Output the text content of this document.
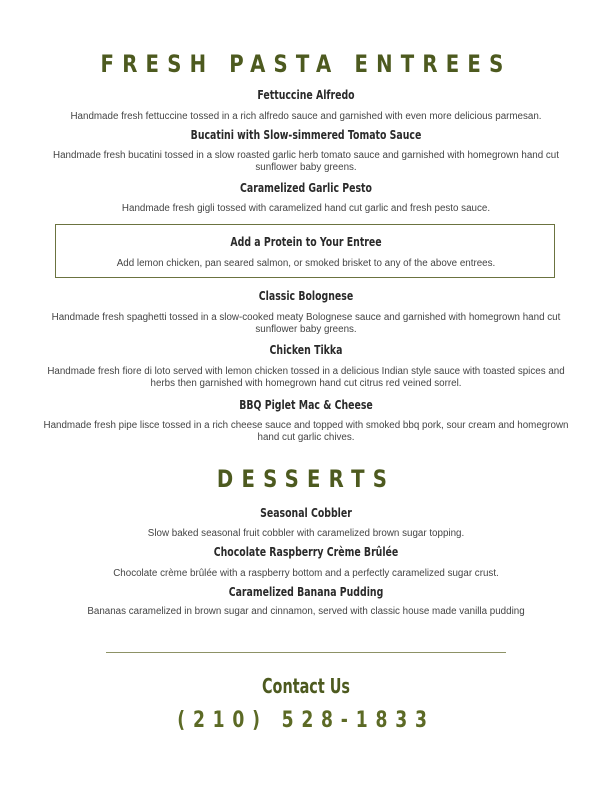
FRESH PASTA ENTREES
Fettuccine Alfredo
Handmade fresh fettuccine tossed in a rich alfredo sauce and garnished with even more delicious parmesan.
Bucatini with Slow-simmered Tomato Sauce
Handmade fresh bucatini tossed in a slow roasted garlic herb tomato sauce and garnished with homegrown hand cut sunflower baby greens.
Caramelized Garlic Pesto
Handmade fresh gigli tossed with caramelized hand cut garlic and fresh pesto sauce.
Add a Protein to Your Entree
Add lemon chicken, pan seared salmon, or smoked brisket to any of the above entrees.
Classic Bolognese
Handmade fresh spaghetti tossed in a slow-cooked meaty Bolognese sauce and garnished with homegrown hand cut sunflower baby greens.
Chicken Tikka
Handmade fresh fiore di loto served with lemon chicken tossed in a delicious Indian style sauce with toasted spices and herbs then garnished with homegrown hand cut citrus red veined sorrel.
BBQ Piglet Mac & Cheese
Handmade fresh pipe lisce tossed in a rich cheese sauce and topped with smoked bbq pork, sour cream and homegrown hand cut garlic chives.
DESSERTS
Seasonal Cobbler
Slow baked seasonal fruit cobbler with caramelized brown sugar topping.
Chocolate Raspberry Crème Brûlée
Chocolate crème brûlée with a raspberry bottom and a perfectly caramelized sugar crust.
Caramelized Banana Pudding
Bananas caramelized in brown sugar and cinnamon, served with classic house made vanilla pudding
Contact Us
(210) 528-1833
